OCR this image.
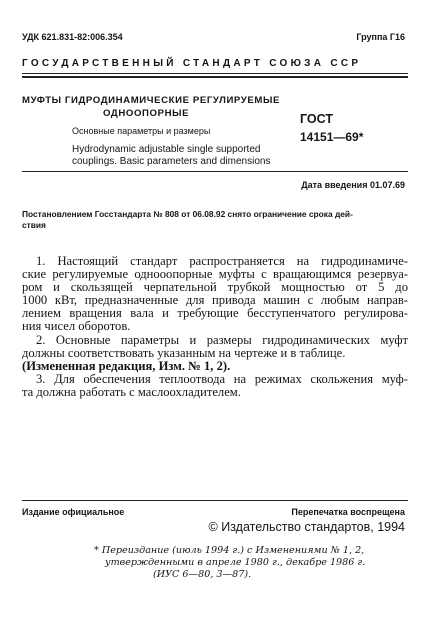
УДК 621.831-82:006.354	Группа Г16
ГОСУДАРСТВЕННЫЙ СТАНДАРТ СОЮЗА ССР
МУФТЫ ГИДРОДИНАМИЧЕСКИЕ РЕГУЛИРУЕМЫЕ
ОДНООПОРНЫЕ
Основные параметры и размеры
Hydrodynamic adjustable single supported
couplings. Basic parameters and dimensions
ГОСТ
14151—69*
Дата введения 01.07.69
Постановлением Госстандарта № 808 от 06.08.92 снято ограничение срока дей-
ствия
1. Настоящий стандарт распространяется на гидродинамиче-
ские регулируемые однооопорные муфты с вращающимся резервуа-
ром и скользящей черпательной трубкой мощностью от 5 до
1000 кВт, предназначенные для привода машин с любым направ-
лением вращения вала и требующие бесступенчатого регулирова-
ния чисел оборотов.
2. Основные параметры и размеры гидродинамических муфт
должны соответствовать указанным на чертеже и в таблице.
(Измененная редакция, Изм. № 1, 2).
3. Для обеспечения теплоотвода на режимах скольжения муф-
та должна работать с маслоохладителем.
Издание официальное	Перепечатка воспрещена
© Издательство стандартов, 1994
* Переиздание (июль 1994 г.) с Изменениями № 1, 2,
утвержденными в апреле 1980 г., декабре 1986 г.
(ИУС 6—80, 3—87).
